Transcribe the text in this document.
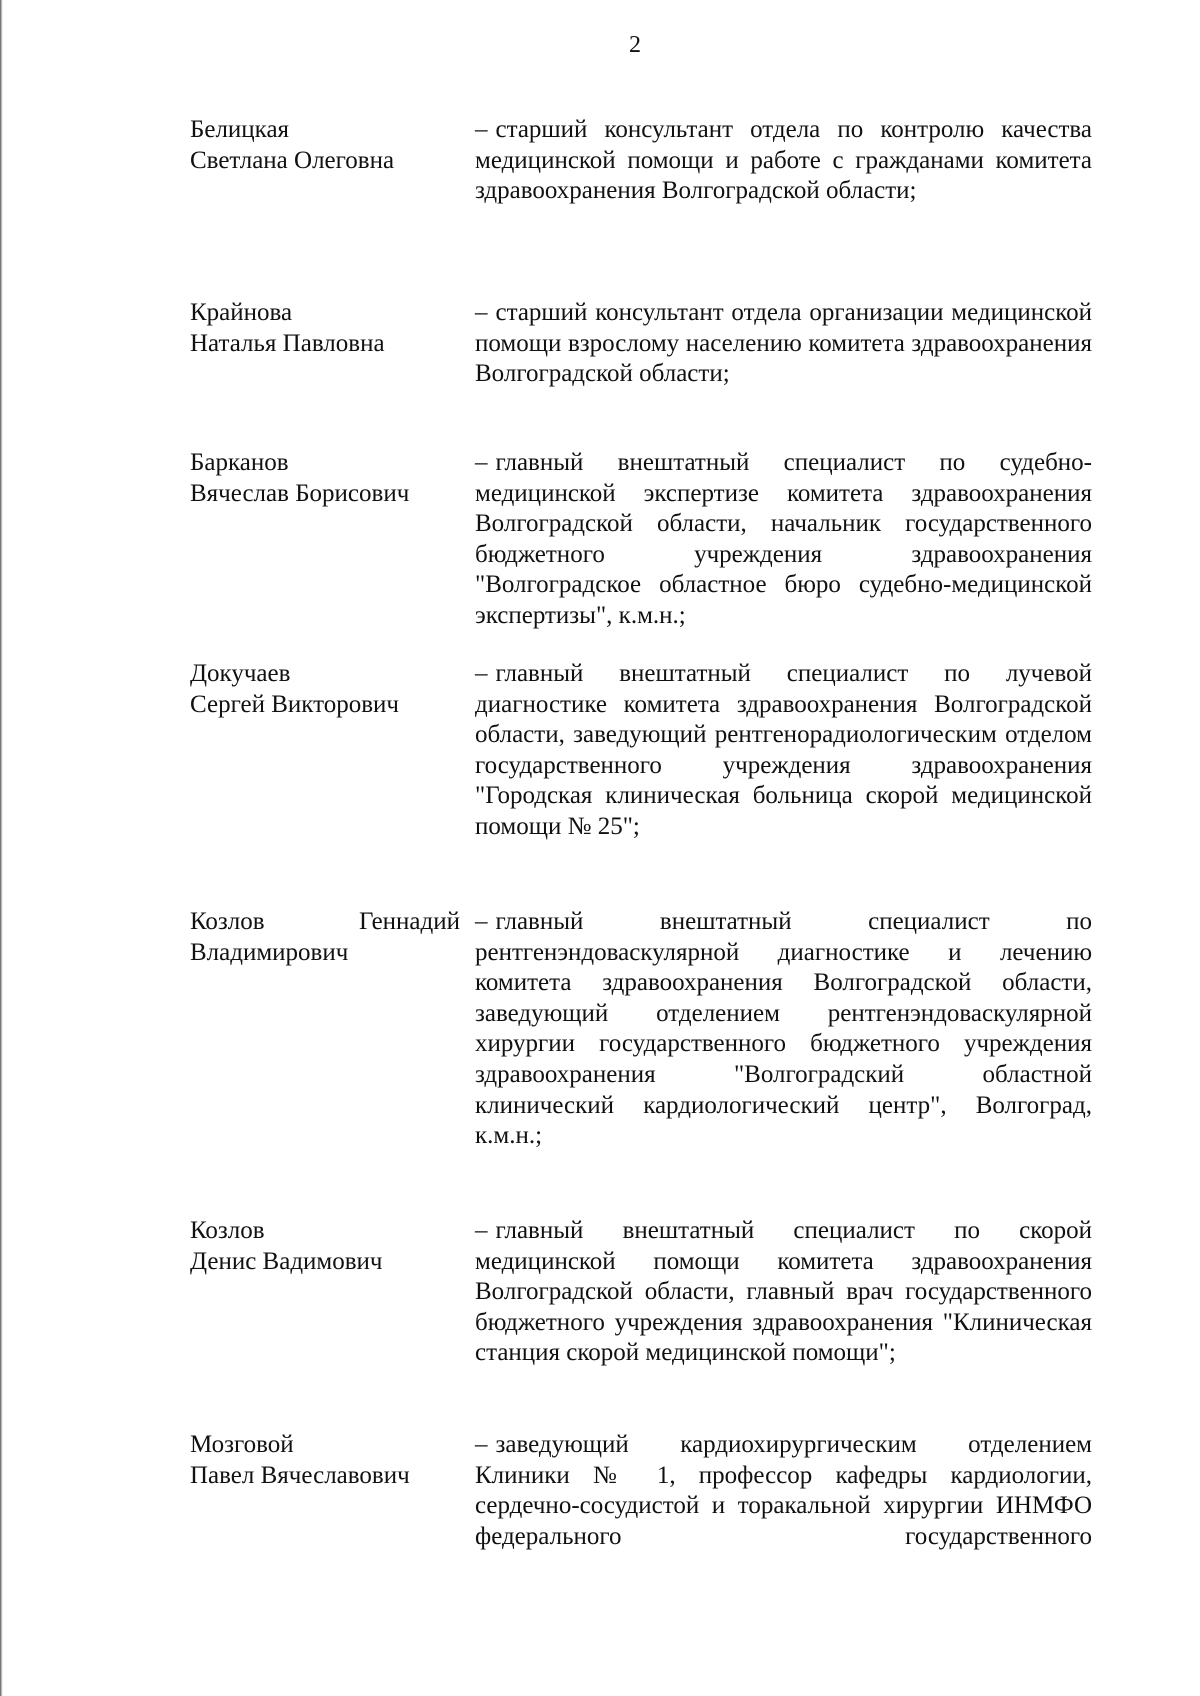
2
Белицкая
Светлана Олеговна
– старший консультант отдела по контролю качества медицинской помощи и работе с гражданами комитета здравоохранения Волгоградской области;
Крайнова
Наталья Павловна
– старший консультант отдела организации медицинской помощи взрослому населению комитета здравоохранения Волгоградской области;
Барканов
Вячеслав Борисович
– главный внештатный специалист по судебно-медицинской экспертизе комитета здравоохранения Волгоградской области, начальник государственного бюджетного учреждения здравоохранения "Волгоградское областное бюро судебно-медицинской экспертизы", к.м.н.;
Докучаев
Сергей Викторович
– главный внештатный специалист по лучевой диагностике комитета здравоохранения Волгоградской области, заведующий рентгенорадиологическим отделом государственного учреждения здравоохранения "Городская клиническая больница скорой медицинской помощи № 25";
Козлов Геннадий
Владимирович
– главный внештатный специалист по рентгенэндоваскулярной диагностике и лечению комитета здравоохранения Волгоградской области, заведующий отделением рентгенэндоваскулярной хирургии государственного бюджетного учреждения здравоохранения "Волгоградский областной клинический кардиологический центр", Волгоград, к.м.н.;
Козлов
Денис Вадимович
– главный внештатный специалист по скорой медицинской помощи комитета здравоохранения Волгоградской области, главный врач государственного бюджетного учреждения здравоохранения "Клиническая станция скорой медицинской помощи";
Мозговой
Павел Вячеславович
– заведующий кардиохирургическим отделением Клиники № 1, профессор кафедры кардиологии, сердечно-сосудистой и торакальной хирургии ИНМФО федерального государственного
